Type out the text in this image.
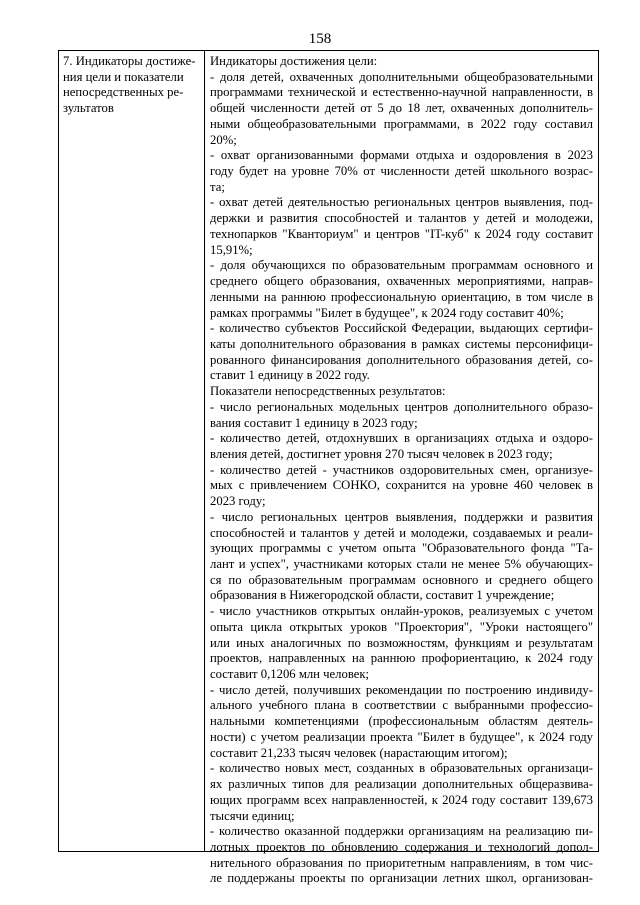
158
7. Индикаторы достиже-
ния цели и показатели
непосредственных ре-
зультатов
Индикаторы достижения цели:
- доля детей, охваченных дополнительными общеобразовательными
программами технической и естественно-научной направленности, в
общей численности детей от 5 до 18 лет, охваченных дополнитель-
ными общеобразовательными программами, в 2022 году составил
20%;
- охват организованными формами отдыха и оздоровления в 2023
году будет на уровне 70% от численности детей школьного возрас-
та;
- охват детей деятельностью региональных центров выявления, под-
держки и развития способностей и талантов у детей и молодежи,
технопарков "Кванториум" и центров "IT-куб" к 2024 году составит
15,91%;
- доля обучающихся по образовательным программам основного и
среднего общего образования, охваченных мероприятиями, направ-
ленными на раннюю профессиональную ориентацию, в том числе в
рамках программы "Билет в будущее", к 2024 году составит 40%;
- количество субъектов Российской Федерации, выдающих сертифи-
каты дополнительного образования в рамках системы персонифици-
рованного финансирования дополнительного образования детей, со-
ставит 1 единицу в 2022 году.
Показатели непосредственных результатов:
- число региональных модельных центров дополнительного образо-
вания составит 1 единицу в 2023 году;
- количество детей, отдохнувших в организациях отдыха и оздоро-
вления детей, достигнет уровня 270 тысяч человек в 2023 году;
- количество детей - участников оздоровительных смен, организуе-
мых с привлечением СОНКО, сохранится на уровне 460 человек в
2023 году;
- число региональных центров выявления, поддержки и развития
способностей и талантов у детей и молодежи, создаваемых и реали-
зующих программы с учетом опыта "Образовательного фонда "Та-
лант и успех", участниками которых стали не менее 5% обучающих-
ся по образовательным программам основного и среднего общего
образования в Нижегородской области, составит 1 учреждение;
- число участников открытых онлайн-уроков, реализуемых с учетом
опыта цикла открытых уроков "Проектория", "Уроки настоящего"
или иных аналогичных по возможностям, функциям и результатам
проектов, направленных на раннюю профориентацию, к 2024 году
составит 0,1206 млн человек;
- число детей, получивших рекомендации по построению индивиду-
ального учебного плана в соответствии с выбранными профессио-
нальными компетенциями (профессиональным областям деятель-
ности) с учетом реализации проекта "Билет в будущее", к 2024 году
составит 21,233 тысяч человек (нарастающим итогом);
- количество новых мест, созданных в образовательных организаци-
ях различных типов для реализации дополнительных общеразвива-
ющих программ всех направленностей, к 2024 году составит 139,673
тысячи единиц;
- количество оказанной поддержки организациям на реализацию пи-
лотных проектов по обновлению содержания и технологий допол-
нительного образования по приоритетным направлениям, в том чис-
ле поддержаны проекты по организации летних школ, организован-
